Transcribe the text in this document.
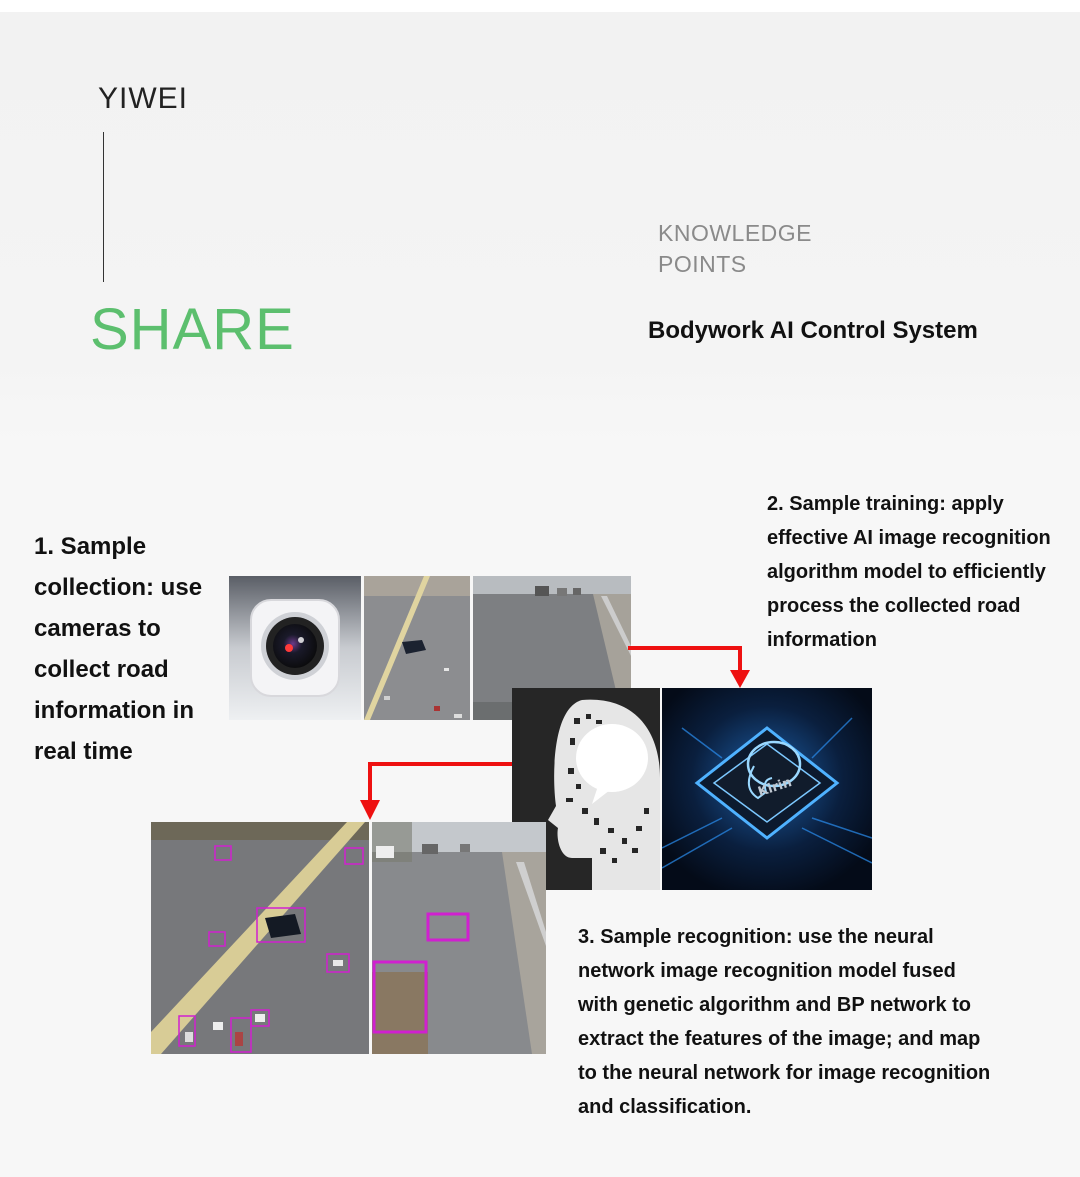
YIWEI
SHARE
KNOWLEDGE POINTS
Bodywork AI Control System
1. Sample collection: use cameras to collect road information in real time
2. Sample training: apply effective AI image recognition algorithm model to efficiently process the collected road information
3. Sample recognition: use the neural network image recognition model fused with genetic algorithm and BP network to extract the features of the image; and map to the neural network for image recognition and classification.
Kirin
